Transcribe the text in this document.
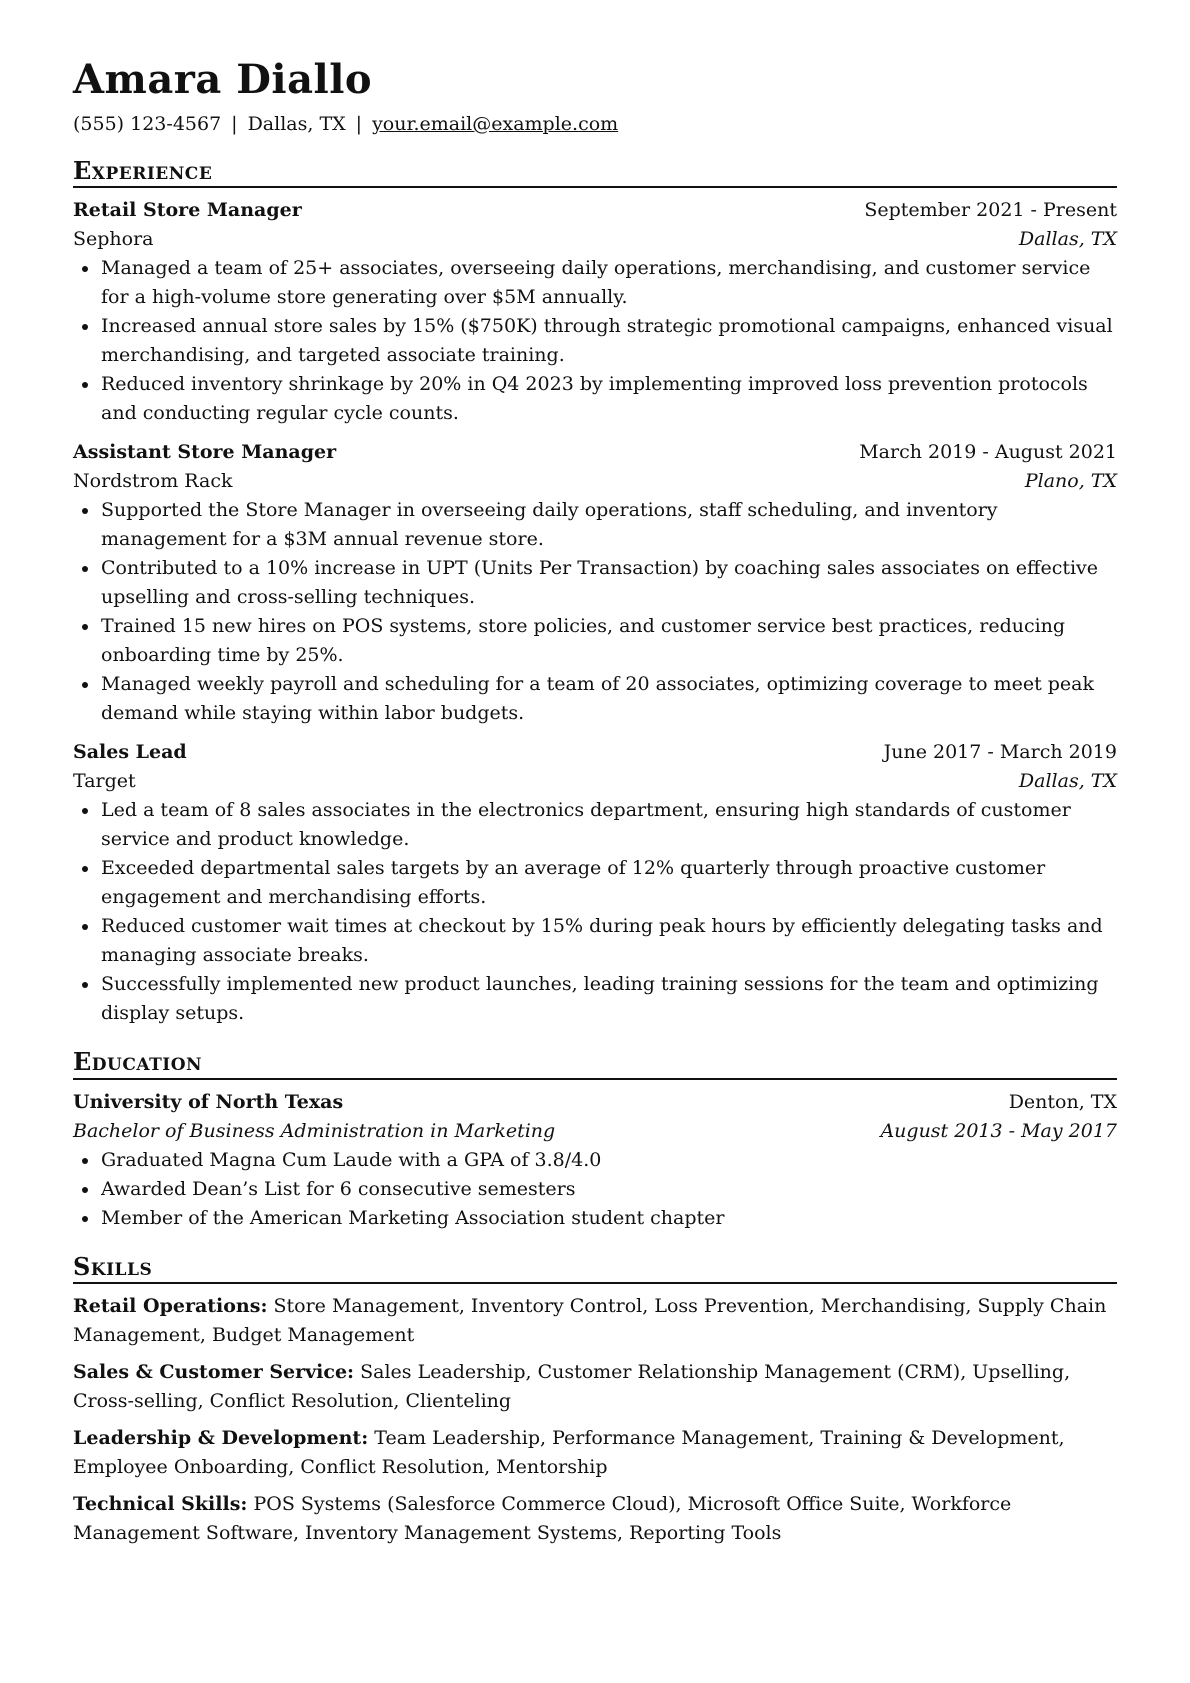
Amara Diallo
(555) 123-4567 | Dallas, TX | your.email@example.com
Experience
Retail Store Manager	September 2021 - Present
Sephora	Dallas, TX
• Managed a team of 25+ associates, overseeing daily operations, merchandising, and customer service for a high-volume store generating over $5M annually.
• Increased annual store sales by 15% ($750K) through strategic promotional campaigns, enhanced visual merchandising, and targeted associate training.
• Reduced inventory shrinkage by 20% in Q4 2023 by implementing improved loss prevention protocols and conducting regular cycle counts.
Assistant Store Manager	March 2019 - August 2021
Nordstrom Rack	Plano, TX
• Supported the Store Manager in overseeing daily operations, staff scheduling, and inventory management for a $3M annual revenue store.
• Contributed to a 10% increase in UPT (Units Per Transaction) by coaching sales associates on effective upselling and cross-selling techniques.
• Trained 15 new hires on POS systems, store policies, and customer service best practices, reducing onboarding time by 25%.
• Managed weekly payroll and scheduling for a team of 20 associates, optimizing coverage to meet peak demand while staying within labor budgets.
Sales Lead	June 2017 - March 2019
Target	Dallas, TX
• Led a team of 8 sales associates in the electronics department, ensuring high standards of customer service and product knowledge.
• Exceeded departmental sales targets by an average of 12% quarterly through proactive customer engagement and merchandising efforts.
• Reduced customer wait times at checkout by 15% during peak hours by efficiently delegating tasks and managing associate breaks.
• Successfully implemented new product launches, leading training sessions for the team and optimizing display setups.
Education
University of North Texas	Denton, TX
Bachelor of Business Administration in Marketing	August 2013 - May 2017
• Graduated Magna Cum Laude with a GPA of 3.8/4.0
• Awarded Dean’s List for 6 consecutive semesters
• Member of the American Marketing Association student chapter
Skills
Retail Operations: Store Management, Inventory Control, Loss Prevention, Merchandising, Supply Chain Management, Budget Management
Sales & Customer Service: Sales Leadership, Customer Relationship Management (CRM), Upselling, Cross-selling, Conflict Resolution, Clienteling
Leadership & Development: Team Leadership, Performance Management, Training & Development, Employee Onboarding, Conflict Resolution, Mentorship
Technical Skills: POS Systems (Salesforce Commerce Cloud), Microsoft Office Suite, Workforce Management Software, Inventory Management Systems, Reporting Tools
